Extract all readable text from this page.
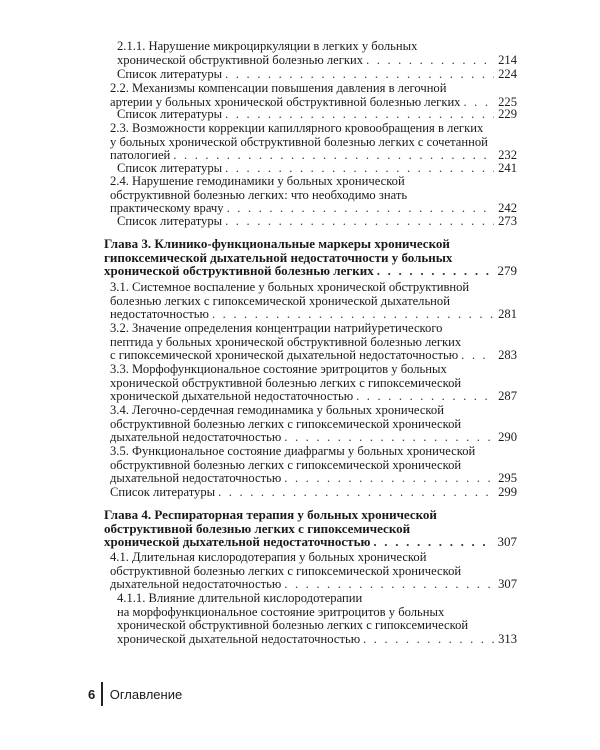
2.1.1. Нарушение микроциркуляции в легких у больных
хронической обструктивной болезнью легких . . .	214
Список литературы . . .	224
2.2. Механизмы компенсации повышения давления в легочной
артерии у больных хронической обструктивной болезнью легких . . .	225
Список литературы . . .	229
2.3. Возможности коррекции капиллярного кровообращения в легких
у больных хронической обструктивной болезнью легких с сочетанной
патологией . . .	232
Список литературы . . .	241
2.4. Нарушение гемодинамики у больных хронической
обструктивной болезнью легких: что необходимо знать
практическому врачу . . .	242
Список литературы . . .	273
Глава 3. Клинико-функциональные маркеры хронической
гипоксемической дыхательной недостаточности у больных
хронической обструктивной болезнью легких . . .	279
3.1. Системное воспаление у больных хронической обструктивной
болезнью легких с гипоксемической хронической дыхательной
недостаточностью . . .	281
3.2. Значение определения концентрации натрийуретического
пептида у больных хронической обструктивной болезнью легких
с гипоксемической хронической дыхательной недостаточностью . . .	283
3.3. Морфофункциональное состояние эритроцитов у больных
хронической обструктивной болезнью легких с гипоксемической
хронической дыхательной недостаточностью . . .	287
3.4. Легочно-сердечная гемодинамика у больных хронической
обструктивной болезнью легких с гипоксемической хронической
дыхательной недостаточностью . . .	290
3.5. Функциональное состояние диафрагмы у больных хронической
обструктивной болезнью легких с гипоксемической хронической
дыхательной недостаточностью . . .	295
Список литературы . . .	299
Глава 4. Респираторная терапия у больных хронической
обструктивной болезнью легких с гипоксемической
хронической дыхательной недостаточностью . . .	307
4.1. Длительная кислородотерапия у больных хронической
обструктивной болезнью легких с гипоксемической хронической
дыхательной недостаточностью . . .	307
4.1.1. Влияние длительной кислородотерапии
на морфофункциональное состояние эритроцитов у больных
хронической обструктивной болезнью легких с гипоксемической
хронической дыхательной недостаточностью . . .	313
6	Оглавление
